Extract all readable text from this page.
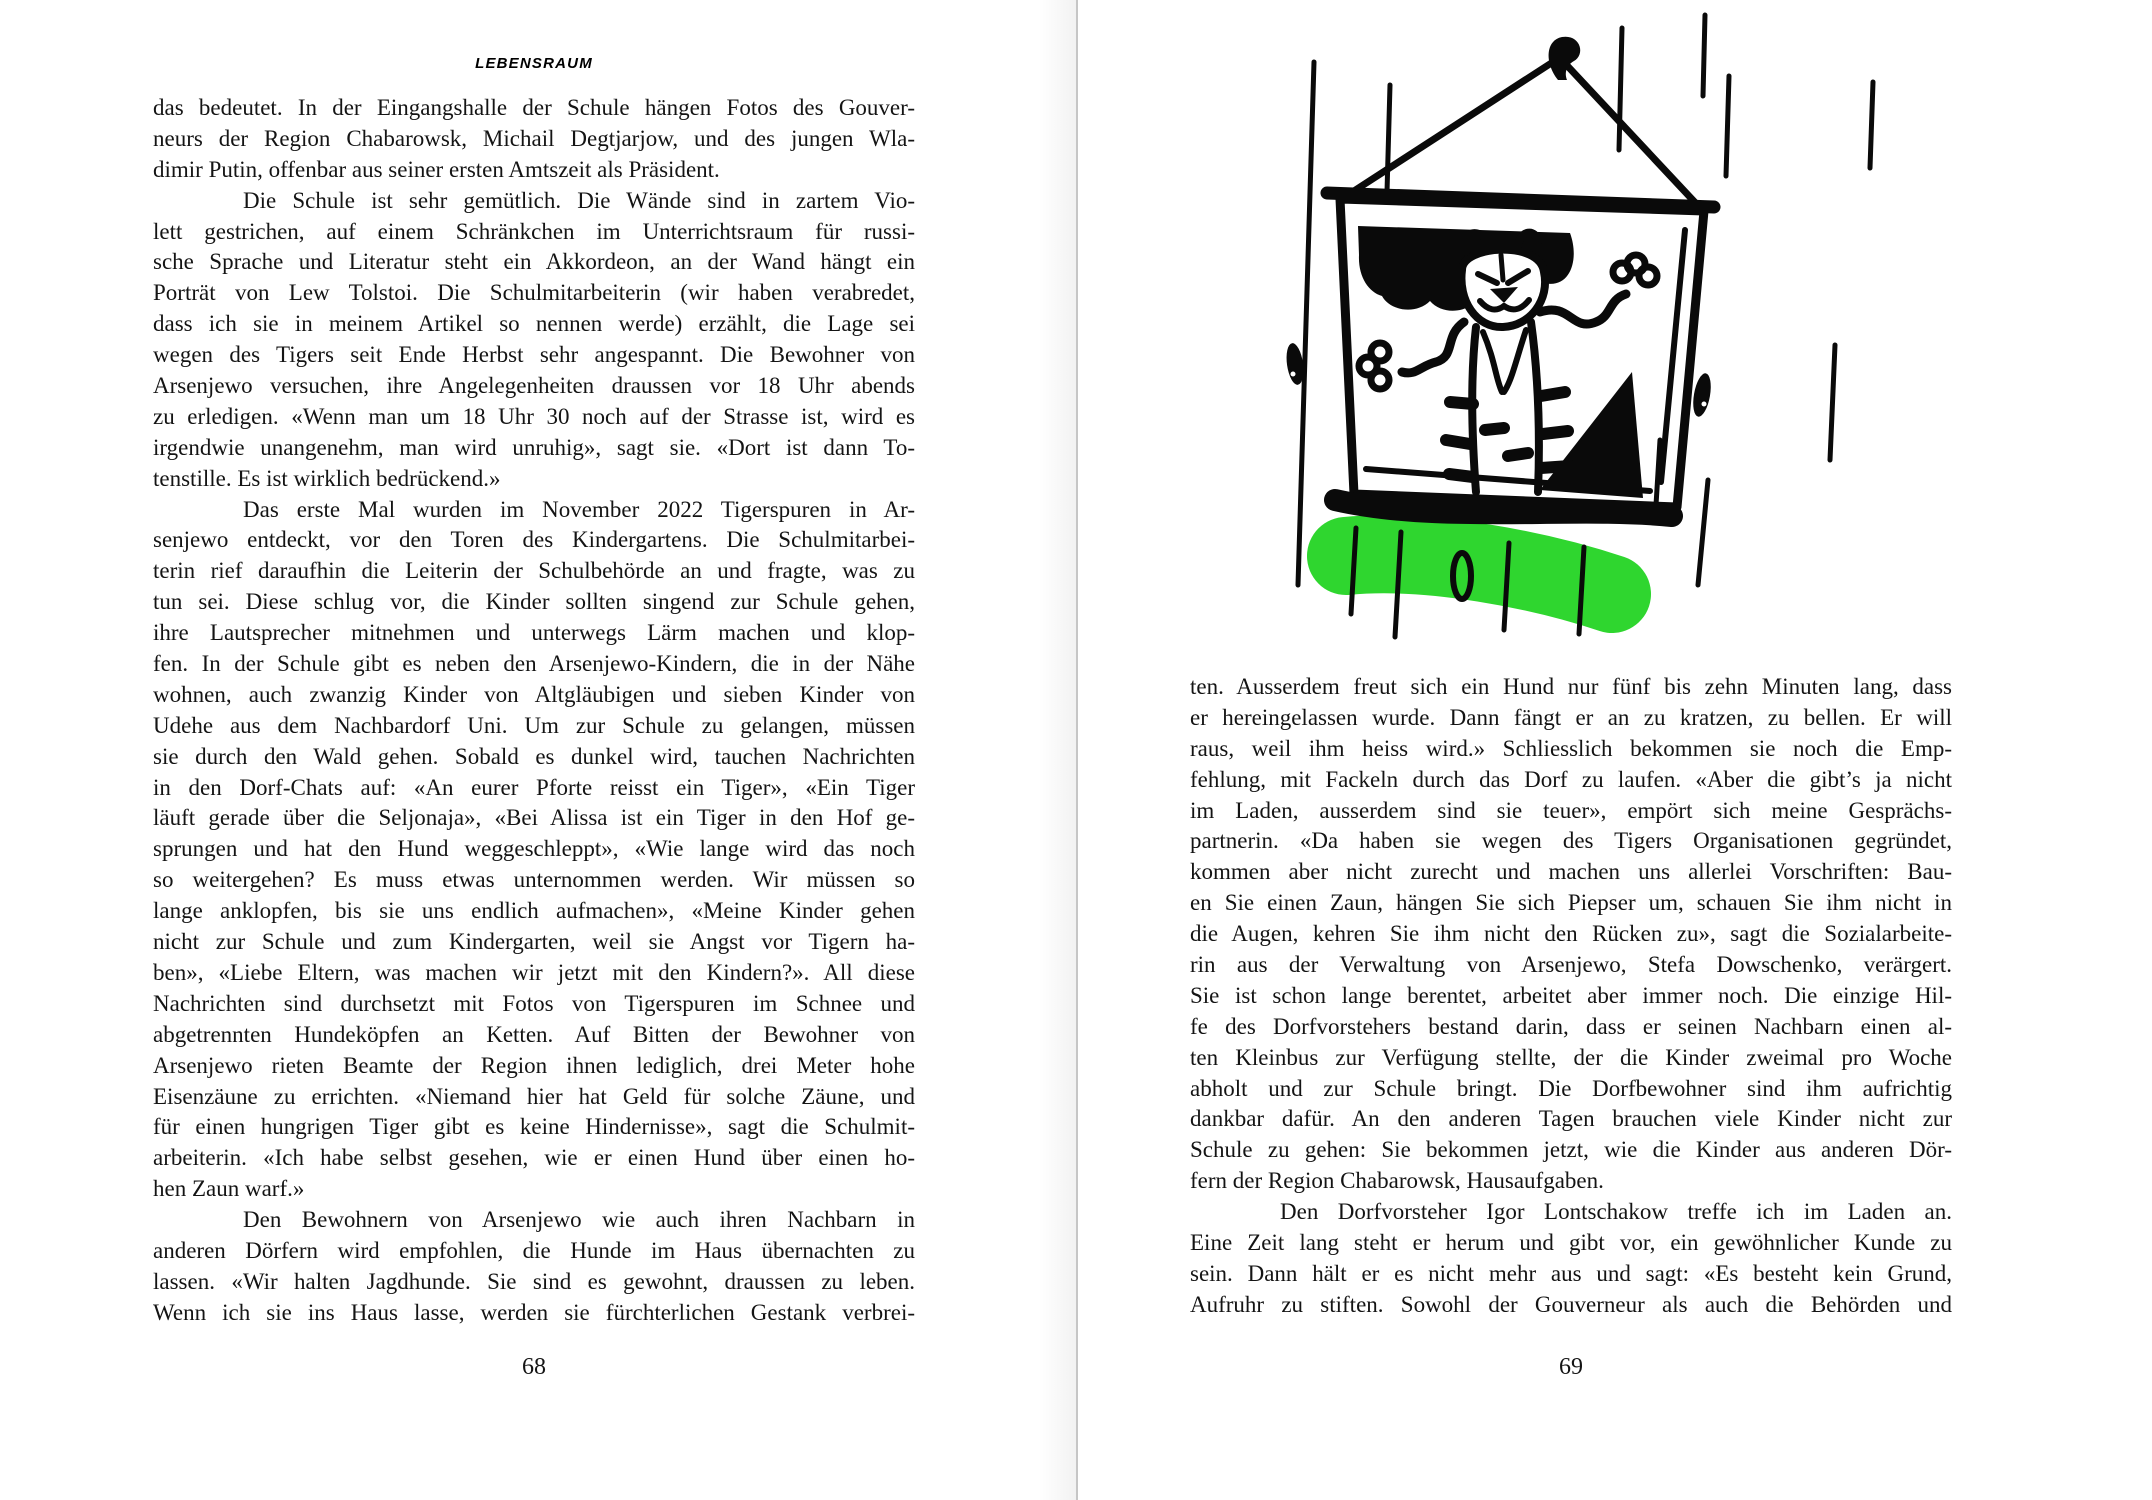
LEBENSRAUM
das bedeutet. In der Eingangshalle der Schule hängen Fotos des Gouver-
neurs der Region Chabarowsk, Michail Degtjarjow, und des jungen Wla-
dimir Putin, offenbar aus seiner ersten Amtszeit als Präsident.
Die Schule ist sehr gemütlich. Die Wände sind in zartem Vio-
lett gestrichen, auf einem Schränkchen im Unterrichtsraum für russi-
sche Sprache und Literatur steht ein Akkordeon, an der Wand hängt ein
Porträt von Lew Tolstoi. Die Schulmitarbeiterin (wir haben verabredet,
dass ich sie in meinem Artikel so nennen werde) erzählt, die Lage sei
wegen des Tigers seit Ende Herbst sehr angespannt. Die Bewohner von
Arsenjewo versuchen, ihre Angelegenheiten draussen vor 18 Uhr abends
zu erledigen. «Wenn man um 18 Uhr 30 noch auf der Strasse ist, wird es
irgendwie unangenehm, man wird unruhig», sagt sie. «Dort ist dann To-
tenstille. Es ist wirklich bedrückend.»
Das erste Mal wurden im November 2022 Tigerspuren in Ar-
senjewo entdeckt, vor den Toren des Kindergartens. Die Schulmitarbei-
terin rief daraufhin die Leiterin der Schulbehörde an und fragte, was zu
tun sei. Diese schlug vor, die Kinder sollten singend zur Schule gehen,
ihre Lautsprecher mitnehmen und unterwegs Lärm machen und klop-
fen. In der Schule gibt es neben den Arsenjewo-Kindern, die in der Nähe
wohnen, auch zwanzig Kinder von Altgläubigen und sieben Kinder von
Udehe aus dem Nachbardorf Uni. Um zur Schule zu gelangen, müssen
sie durch den Wald gehen. Sobald es dunkel wird, tauchen Nachrichten
in den Dorf-Chats auf: «An eurer Pforte reisst ein Tiger», «Ein Tiger
läuft gerade über die Seljonaja», «Bei Alissa ist ein Tiger in den Hof ge-
sprungen und hat den Hund weggeschleppt», «Wie lange wird das noch
so weitergehen? Es muss etwas unternommen werden. Wir müssen so
lange anklopfen, bis sie uns endlich aufmachen», «Meine Kinder gehen
nicht zur Schule und zum Kindergarten, weil sie Angst vor Tigern ha-
ben», «Liebe Eltern, was machen wir jetzt mit den Kindern?». All diese
Nachrichten sind durchsetzt mit Fotos von Tigerspuren im Schnee und
abgetrennten Hundeköpfen an Ketten. Auf Bitten der Bewohner von
Arsenjewo rieten Beamte der Region ihnen lediglich, drei Meter hohe
Eisenzäune zu errichten. «Niemand hier hat Geld für solche Zäune, und
für einen hungrigen Tiger gibt es keine Hindernisse», sagt die Schulmit-
arbeiterin. «Ich habe selbst gesehen, wie er einen Hund über einen ho-
hen Zaun warf.»
Den Bewohnern von Arsenjewo wie auch ihren Nachbarn in
anderen Dörfern wird empfohlen, die Hunde im Haus übernachten zu
lassen. «Wir halten Jagdhunde. Sie sind es gewohnt, draussen zu leben.
Wenn ich sie ins Haus lasse, werden sie fürchterlichen Gestank verbrei-
68
ten. Ausserdem freut sich ein Hund nur fünf bis zehn Minuten lang, dass
er hereingelassen wurde. Dann fängt er an zu kratzen, zu bellen. Er will
raus, weil ihm heiss wird.» Schliesslich bekommen sie noch die Emp-
fehlung, mit Fackeln durch das Dorf zu laufen. «Aber die gibt’s ja nicht
im Laden, ausserdem sind sie teuer», empört sich meine Gesprächs-
partnerin. «Da haben sie wegen des Tigers Organisationen gegründet,
kommen aber nicht zurecht und machen uns allerlei Vorschriften: Bau-
en Sie einen Zaun, hängen Sie sich Piepser um, schauen Sie ihm nicht in
die Augen, kehren Sie ihm nicht den Rücken zu», sagt die Sozialarbeite-
rin aus der Verwaltung von Arsenjewo, Stefa Dowschenko, verärgert.
Sie ist schon lange berentet, arbeitet aber immer noch. Die einzige Hil-
fe des Dorfvorstehers bestand darin, dass er seinen Nachbarn einen al-
ten Kleinbus zur Verfügung stellte, der die Kinder zweimal pro Woche
abholt und zur Schule bringt. Die Dorfbewohner sind ihm aufrichtig
dankbar dafür. An den anderen Tagen brauchen viele Kinder nicht zur
Schule zu gehen: Sie bekommen jetzt, wie die Kinder aus anderen Dör-
fern der Region Chabarowsk, Hausaufgaben.
Den Dorfvorsteher Igor Lontschakow treffe ich im Laden an.
Eine Zeit lang steht er herum und gibt vor, ein gewöhnlicher Kunde zu
sein. Dann hält er es nicht mehr aus und sagt: «Es besteht kein Grund,
Aufruhr zu stiften. Sowohl der Gouverneur als auch die Behörden und
69
